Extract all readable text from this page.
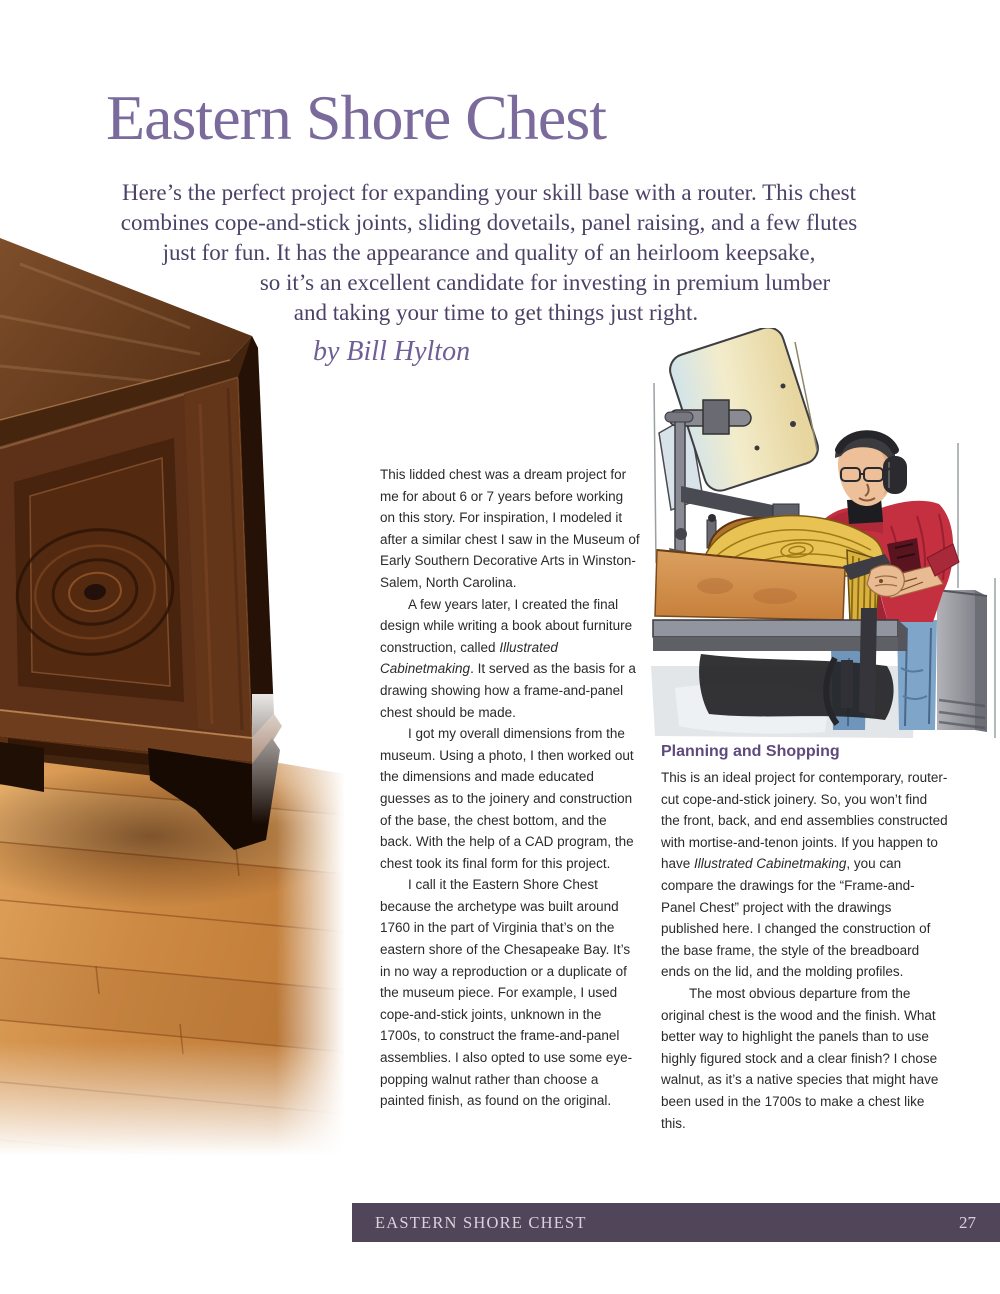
Eastern Shore Chest
Here’s the perfect project for expanding your skill base with a router. This chest
combines cope-and-stick joints, sliding dovetails, panel raising, and a few flutes
just for fun. It has the appearance and quality of an heirloom keepsake,
so it’s an excellent candidate for investing in premium lumber
and taking your time to get things just right.
by Bill Hylton

This lidded chest was a dream project for me for about 6 or 7 years before working on this story. For inspiration, I modeled it after a similar chest I saw in the Museum of Early Southern Decorative Arts in Winston-Salem, North Carolina.

A few years later, I created the final design while writing a book about furniture construction, called Illustrated Cabinetmaking. It served as the basis for a drawing showing how a frame-and-panel chest should be made.

I got my overall dimensions from the museum. Using a photo, I then worked out the dimensions and made educated guesses as to the joinery and construction of the base, the chest bottom, and the back. With the help of a CAD program, the chest took its final form for this project.

I call it the Eastern Shore Chest because the archetype was built around 1760 in the part of Virginia that’s on the eastern shore of the Chesapeake Bay. It’s in no way a reproduction or a duplicate of the museum piece. For example, I used cope-and-stick joints, unknown in the 1700s, to construct the frame-and-panel assemblies. I also opted to use some eye-popping walnut rather than choose a painted finish, as found on the original.

Planning and Shopping

This is an ideal project for contemporary, router-cut cope-and-stick joinery. So, you won’t find the front, back, and end assemblies constructed with mortise-and-tenon joints. If you happen to have Illustrated Cabinetmaking, you can compare the drawings for the “Frame-and-Panel Chest” project with the drawings published here. I changed the construction of the base frame, the style of the breadboard ends on the lid, and the molding profiles.

The most obvious departure from the original chest is the wood and the finish. What better way to highlight the panels than to use highly figured stock and a clear finish? I chose walnut, as it’s a native species that might have been used in the 1700s to make a chest like this.

EASTERN SHORE CHEST	27
